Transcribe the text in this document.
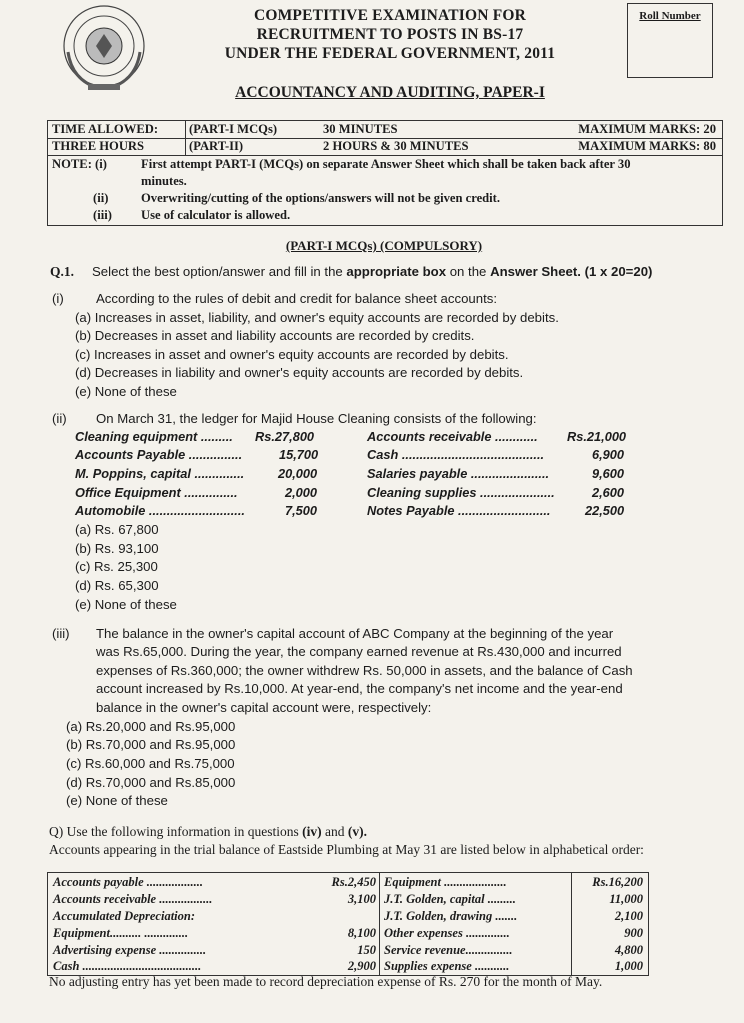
COMPETITIVE EXAMINATION FOR
RECRUITMENT TO POSTS IN BS-17
UNDER THE FEDERAL GOVERNMENT, 2011
ACCOUNTANCY AND AUDITING, PAPER-I
Roll Number
TIME ALLOWED: (PART-I MCQs)	30 MINUTES	MAXIMUM MARKS: 20
THREE HOURS	(PART-II)	2 HOURS & 30 MINUTES	MAXIMUM MARKS: 80
NOTE: (i)	First attempt PART-I (MCQs) on separate Answer Sheet which shall be taken back after 30
minutes.
(ii)	Overwriting/cutting of the options/answers will not be given credit.
(iii) Use of calculator is allowed.
(PART-I MCQs) (COMPULSORY)
Q.1. Select the best option/answer and fill in the appropriate box on the Answer Sheet. (1 x 20=20)
(i) According to the rules of debit and credit for balance sheet accounts:
(a) Increases in asset, liability, and owner's equity accounts are recorded by debits.
(b) Decreases in asset and liability accounts are recorded by credits.
(c) Increases in asset and owner's equity accounts are recorded by debits.
(d) Decreases in liability and owner's equity accounts are recorded by debits.
(e) None of these
(ii) On March 31, the ledger for Majid House Cleaning consists of the following:
Cleaning equipment ......... Rs.27,800	Accounts receivable ............ Rs.21,000
Accounts Payable ...............	15,700	Cash ........................................	6,900
M. Poppins, capital ..............	20,000	Salaries payable ......................	9,600
Office Equipment ...............	2,000	Cleaning supplies .....................	2,600
Automobile ...........................	7,500	Notes Payable ..........................	22,500
(a) Rs. 67,800
(b) Rs. 93,100
(c) Rs. 25,300
(d) Rs. 65,300
(e) None of these
(iii) The balance in the owner's capital account of ABC Company at the beginning of the year
was Rs.65,000. During the year, the company earned revenue at Rs.430,000 and incurred
expenses of Rs.360,000; the owner withdrew Rs. 50,000 in assets, and the balance of Cash
account increased by Rs.10,000. At year-end, the company's net income and the year-end
balance in the owner's capital account were, respectively:
(a) Rs.20,000 and Rs.95,000
(b) Rs.70,000 and Rs.95,000
(c) Rs.60,000 and Rs.75,000
(d) Rs.70,000 and Rs.85,000
(e) None of these
Q) Use the following information in questions (iv) and (v).
Accounts appearing in the trial balance of Eastside Plumbing at May 31 are listed below in alphabetical order:
Accounts payable ..................	Rs.2,450 Equipment ....................	Rs.16,200
Accounts receivable .................	3,100 J.T. Golden, capital .........	11,000
Accumulated Depreciation:	J.T. Golden, drawing .......	2,100
Equipment.......... ..............	8,100 Other expenses ..............	900
Advertising expense ...............	150 Service revenue...............	4,800
Cash ......................................	2,900 Supplies expense ...........	1,000
No adjusting entry has yet been made to record depreciation expense of Rs. 270 for the month of May.
